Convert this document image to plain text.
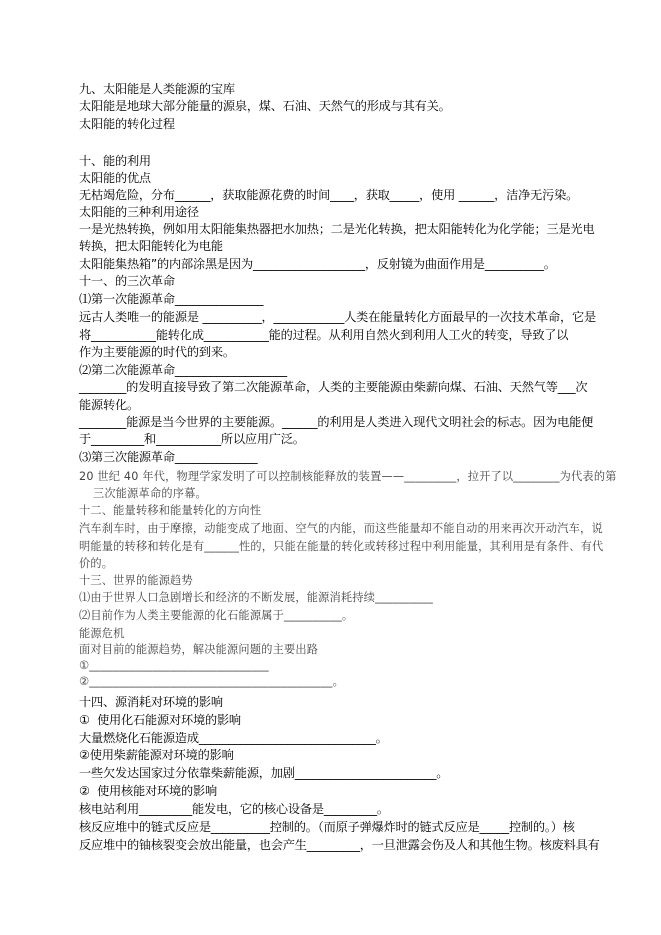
九、太阳能是人类能源的宝库
太阳能是地球大部分能量的源泉，煤、石油、天然气的形成与其有关。
太阳能的转化过程
十、能的利用
太阳能的优点
无枯竭危险，分布______，获取能源花费的时间____，获取_____，使用 ______，洁净无污染。
太阳能的三种利用途径
一是光热转换，例如用太阳能集热器把水加热；二是光化转换，把太阳能转化为化学能；三是光电
转换，把太阳能转化为电能
太阳能集热箱”的内部涂黑是因为___________________，反射镜为曲面作用是__________。
十一、的三次革命
⑴第一次能源革命_______________
远古人类唯一的能源是 __________，____________人类在能量转化方面最早的一次技术革命，它是
将___________能转化成___________能的过程。从利用自然火到利用人工火的转变，导致了以
作为主要能源的时代的到来。
⑵第二次能源革命___________________
________的发明直接导致了第二次能源革命，人类的主要能源由柴薪向煤、石油、天然气等___次
能源转化。
________能源是当今世界的主要能源。______的利用是人类进入现代文明社会的标志。因为电能便
于_________和___________所以应用广泛。
⑶第三次能源革命______________
20 世纪 40 年代，物理学家发明了可以控制核能释放的装置——_________，拉开了以________为代表的第
三次能源革命的序幕。
十二、能量转移和能量转化的方向性
汽车刹车时，由于摩擦，动能变成了地面、空气的内能，而这些能量却不能自动的用来再次开动汽车，说
明能量的转移和转化是有______性的，只能在能量的转化或转移过程中利用能量，其利用是有条件、有代
价的。
十三、世界的能源趋势
⑴由于世界人口急剧增长和经济的不断发展，能源消耗持续__________
⑵目前作为人类主要能源的化石能源属于__________。
能源危机
面对目前的能源趋势，解决能源问题的主要出路
①_______________________________
②__________________________________________。
十四、源消耗对环境的影响
①  使用化石能源对环境的影响
大量燃烧化石能源造成______________________________。
②使用柴薪能源对环境的影响
一些欠发达国家过分依靠柴薪能源，加剧________________________。
②  使用核能对环境的影响
核电站利用_________能发电，它的核心设备是_________。
核反应堆中的链式反应是__________控制的。（而原子弹爆炸时的链式反应是_____控制的。）核
反应堆中的铀核裂变会放出能量，也会产生_________，一旦泄露会伤及人和其他生物。核废料具有
